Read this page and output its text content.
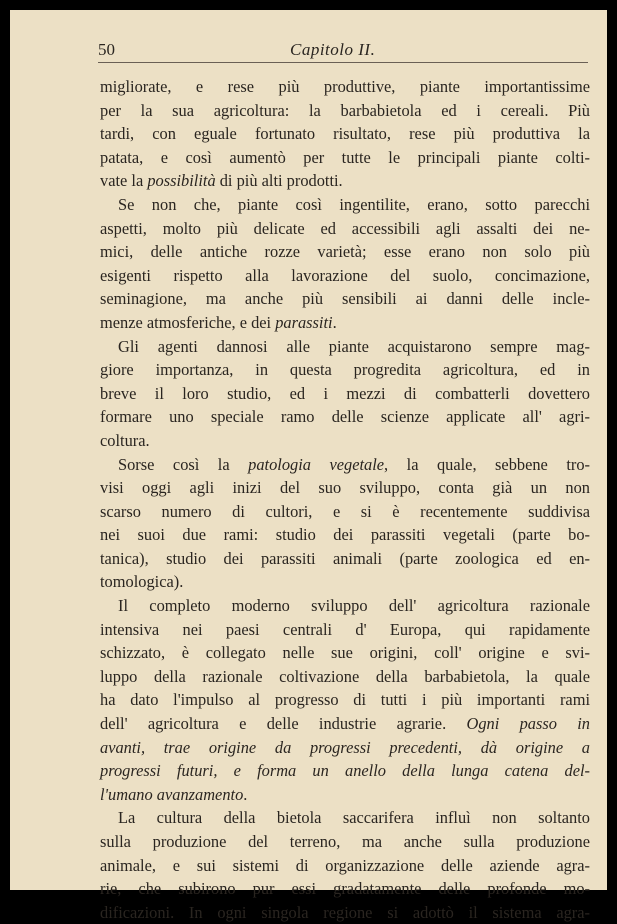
50	Capitolo II.
migliorate, e rese più produttive, piante importantissime
per la sua agricoltura: la barbabietola ed i cereali. Più
tardi, con eguale fortunato risultato, rese più produttiva la
patata, e così aumentò per tutte le principali piante colti-
vate la possibilità di più alti prodotti.
Se non che, piante così ingentilite, erano, sotto parecchi
aspetti, molto più delicate ed accessibili agli assalti dei ne-
mici, delle antiche rozze varietà; esse erano non solo più
esigenti rispetto alla lavorazione del suolo, concimazione,
seminagione, ma anche più sensibili ai danni delle incle-
menze atmosferiche, e dei parassiti.
Gli agenti dannosi alle piante acquistarono sempre mag-
giore importanza, in questa progredita agricoltura, ed in
breve il loro studio, ed i mezzi di combatterli dovettero
formare uno speciale ramo delle scienze applicate all' agri-
coltura.
Sorse così la patologia vegetale, la quale, sebbene tro-
visi oggi agli inizi del suo sviluppo, conta già un non
scarso numero di cultori, e si è recentemente suddivisa
nei suoi due rami: studio dei parassiti vegetali (parte bo-
tanica), studio dei parassiti animali (parte zoologica ed en-
tomologica).
Il completo moderno sviluppo dell' agricoltura razionale
intensiva nei paesi centrali d' Europa, qui rapidamente
schizzato, è collegato nelle sue origini, coll' origine e svi-
luppo della razionale coltivazione della barbabietola, la quale
ha dato l'impulso al progresso di tutti i più importanti rami
dell' agricoltura e delle industrie agrarie. Ogni passo in
avanti, trae origine da progressi precedenti, dà origine a
progressi futuri, e forma un anello della lunga catena del-
l'umano avanzamento.
La cultura della bietola saccarifera influì non soltanto
sulla produzione del terreno, ma anche sulla produzione
animale, e sui sistemi di organizzazione delle aziende agra-
rie, che subirono pur essi gradatamente delle profonde mo-
dificazioni. In ogni singola regione si adottò il sistema agra-
